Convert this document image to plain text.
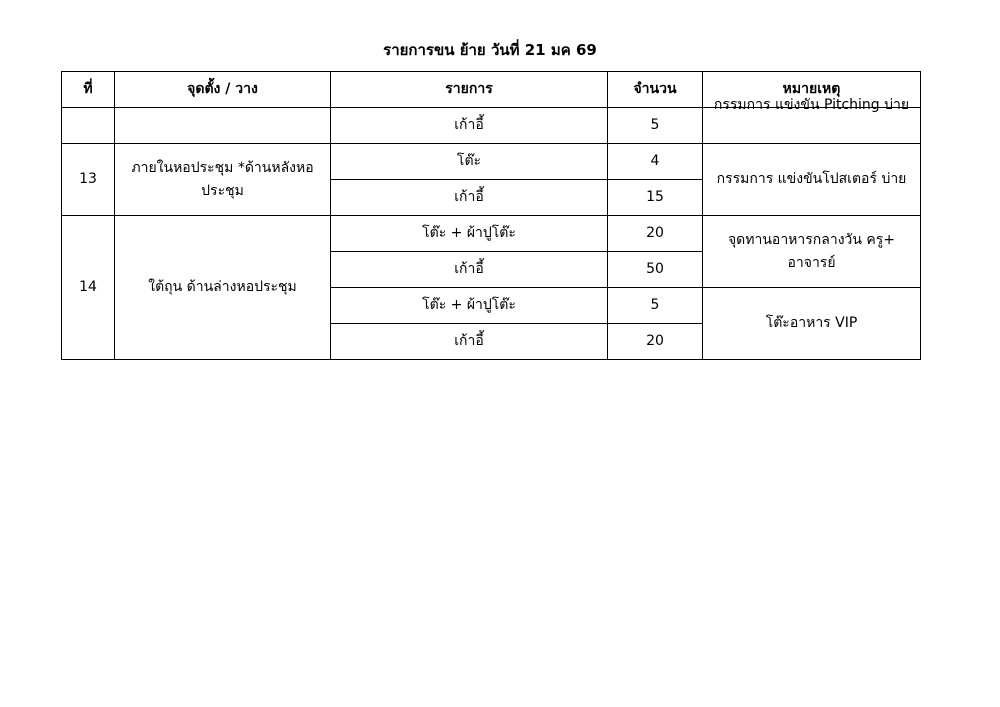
รายการขน ย้าย วันที่ 21 มค 69
ที่	จุดตั้ง / วาง	รายการ	จำนวน	หมายเหตุ
		เก้าอี้	5	กรรมการ แข่งขัน Pitching บ่าย

13	ภายในหอประชุม *ด้านหลังหอประชุม	โต๊ะ	4	กรรมการ แข่งขันโปสเตอร์ บ่าย
		เก้าอี้	15	
14	ใต้ถุน ด้านล่างหอประชุม	โต๊ะ + ผ้าปูโต๊ะ	20	จุดทานอาหารกลางวัน ครู+ อาจารย์
		เก้าอี้	50	
		โต๊ะ + ผ้าปูโต๊ะ	5	โต๊ะอาหาร VIP
		เก้าอี้	20	
